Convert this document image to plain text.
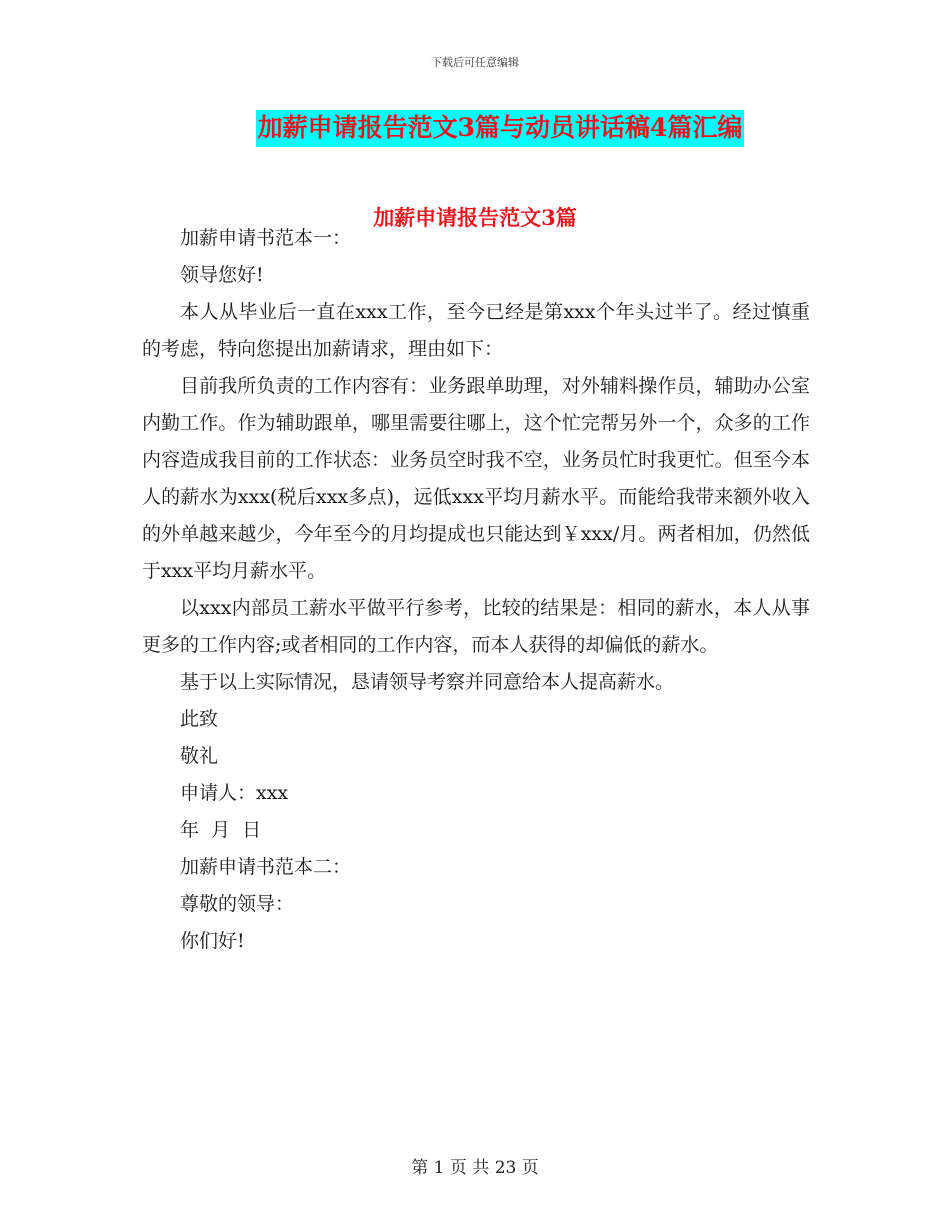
下载后可任意编辑
加薪申请报告范文3篇与动员讲话稿4篇汇编
加薪申请报告范文3篇

加薪申请书范本一：

领导您好!

本人从毕业后一直在xxx工作，至今已经是第xxx个年头过半了。经过慎重的考虑，特向您提出加薪请求，理由如下：

目前我所负责的工作内容有：业务跟单助理，对外辅料操作员，辅助办公室内勤工作。作为辅助跟单，哪里需要往哪上，这个忙完帮另外一个，众多的工作内容造成我目前的工作状态：业务员空时我不空，业务员忙时我更忙。但至今本人的薪水为xxx(税后xxx多点)，远低xxx平均月薪水平。而能给我带来额外收入的外单越来越少，今年至今的月均提成也只能达到￥xxx/月。两者相加，仍然低于xxx平均月薪水平。

以xxx内部员工薪水平做平行参考，比较的结果是：相同的薪水，本人从事更多的工作内容;或者相同的工作内容，而本人获得的却偏低的薪水。

基于以上实际情况，恳请领导考察并同意给本人提高薪水。

此致

敬礼

申请人：xxx

年  月  日

加薪申请书范本二：

尊敬的领导：

你们好!

第 1 页 共 23 页
